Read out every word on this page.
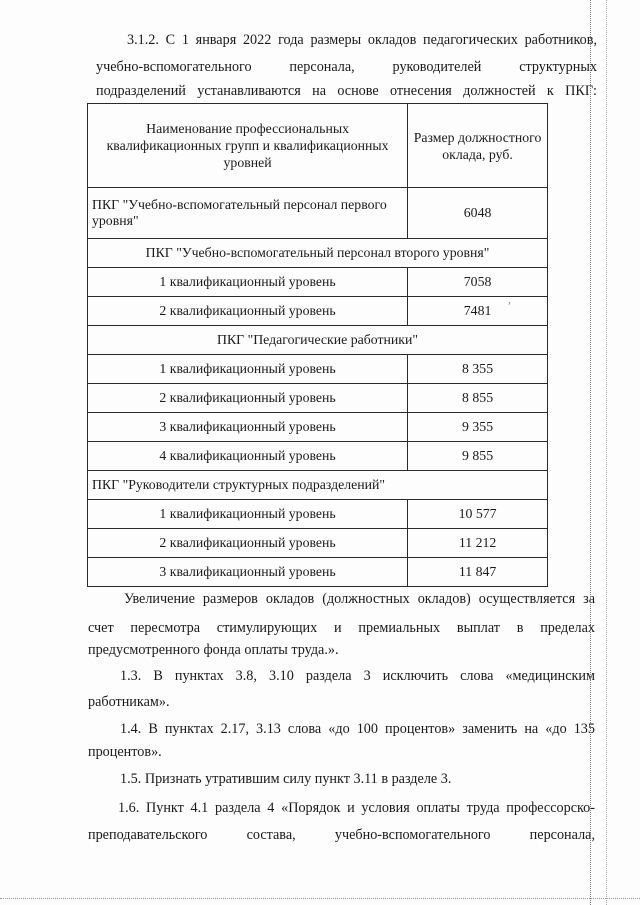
3.1.2. С 1 января 2022 года размеры окладов педагогических работников,
учебно-вспомогательного персонала, руководителей структурных
подразделений устанавливаются на основе отнесения должностей к ПКГ:
Наименование профессиональных квалификационных групп и квалификационных уровней	Размер должностного оклада, руб.
ПКГ "Учебно-вспомогательный персонал первого уровня"	6048
ПКГ "Учебно-вспомогательный персонал второго уровня"	
1 квалификационный уровень	7058
2 квалификационный уровень	7481
ПКГ "Педагогические работники"	
1 квалификационный уровень	8 355
2 квалификационный уровень	8 855
3 квалификационный уровень	9 355
4 квалификационный уровень	9 855
ПКГ "Руководители структурных подразделений"	
1 квалификационный уровень	10 577
2 квалификационный уровень	11 212
3 квалификационный уровень	11 847
,
Увеличение размеров окладов (должностных окладов) осуществляется за
счет пересмотра стимулирующих и премиальных выплат в пределах
предусмотренного фонда оплаты труда.».
1.3. В пунктах 3.8, 3.10 раздела 3 исключить слова «медицинским
работникам».
1.4. В пунктах 2.17, 3.13 слова «до 100 процентов» заменить на «до 135
процентов».
1.5. Признать утратившим силу пункт 3.11 в разделе 3.
1.6. Пункт 4.1 раздела 4 «Порядок и условия оплаты труда профессорско-
преподавательского состава, учебно-вспомогательного персонала,
